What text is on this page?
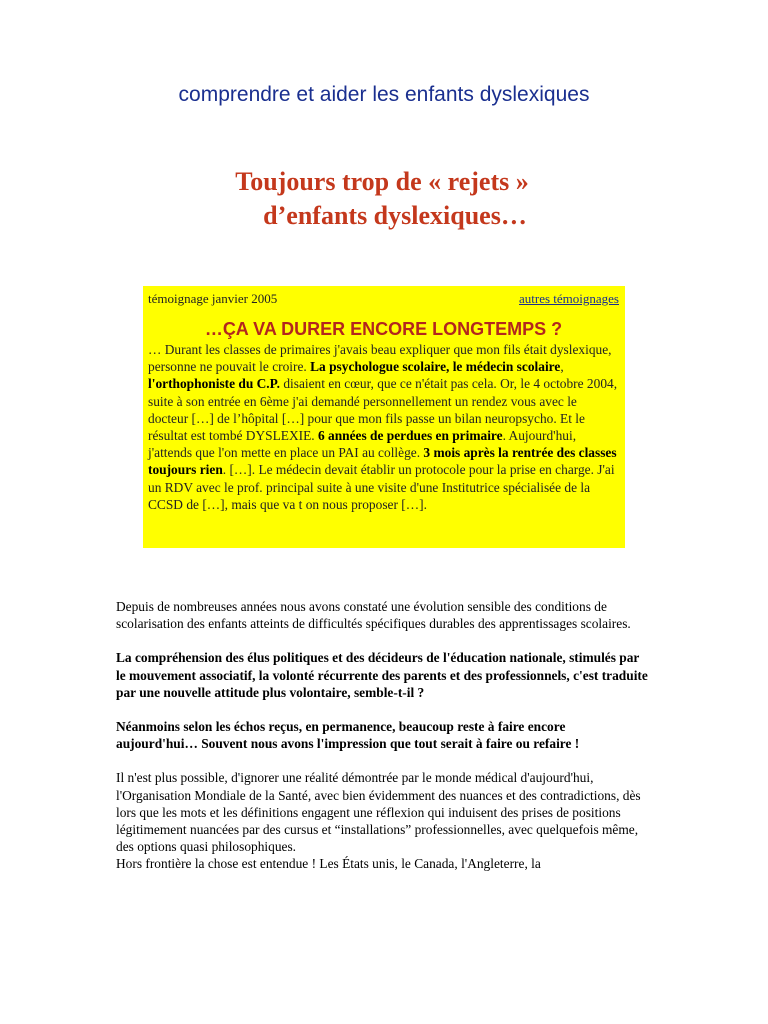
comprendre et aider les enfants dyslexiques
Toujours trop de « rejets »
d’enfants dyslexiques…
témoignage janvier 2005	autres témoignages
…ÇA VA DURER ENCORE LONGTEMPS ?

… Durant les classes de primaires j'avais beau expliquer que mon fils était dyslexique, personne ne pouvait le croire. La psychologue scolaire, le médecin scolaire, l'orthophoniste du C.P. disaient en cœur, que ce n'était pas cela. Or, le 4 octobre 2004, suite à son entrée en 6ème j'ai demandé personnellement un rendez vous avec le docteur […] de l’hôpital […] pour que mon fils passe un bilan neuropsycho. Et le résultat est tombé DYSLEXIE. 6 années de perdues en primaire. Aujourd'hui, j'attends que l'on mette en place un PAI au collège. 3 mois après la rentrée des classes toujours rien. […]. Le médecin devait établir un protocole pour la prise en charge. J'ai un RDV avec le prof. principal suite à une visite d'une Institutrice spécialisée de la CCSD de […], mais que va t on nous proposer […].

Depuis de nombreuses années nous avons constaté une évolution sensible des conditions de scolarisation des enfants atteints de difficultés spécifiques durables des apprentissages scolaires.

La compréhension des élus politiques et des décideurs de l'éducation nationale, stimulés par le mouvement associatif, la volonté récurrente des parents et des professionnels, c'est traduite par une nouvelle attitude plus volontaire, semble-t-il ?

Néanmoins selon les échos reçus, en permanence, beaucoup reste à faire encore aujourd'hui… Souvent nous avons l'impression que tout serait à faire ou refaire !

Il n'est plus possible, d'ignorer une réalité démontrée par le monde médical d'aujourd'hui, l'Organisation Mondiale de la Santé, avec bien évidemment des nuances et des contradictions, dès lors que les mots et les définitions engagent une réflexion qui induisent des prises de positions légitimement nuancées par des cursus et “installations” professionnelles, avec quelquefois même, des options quasi philosophiques.

Hors frontière la chose est entendue ! Les États unis, le Canada, l'Angleterre, la
